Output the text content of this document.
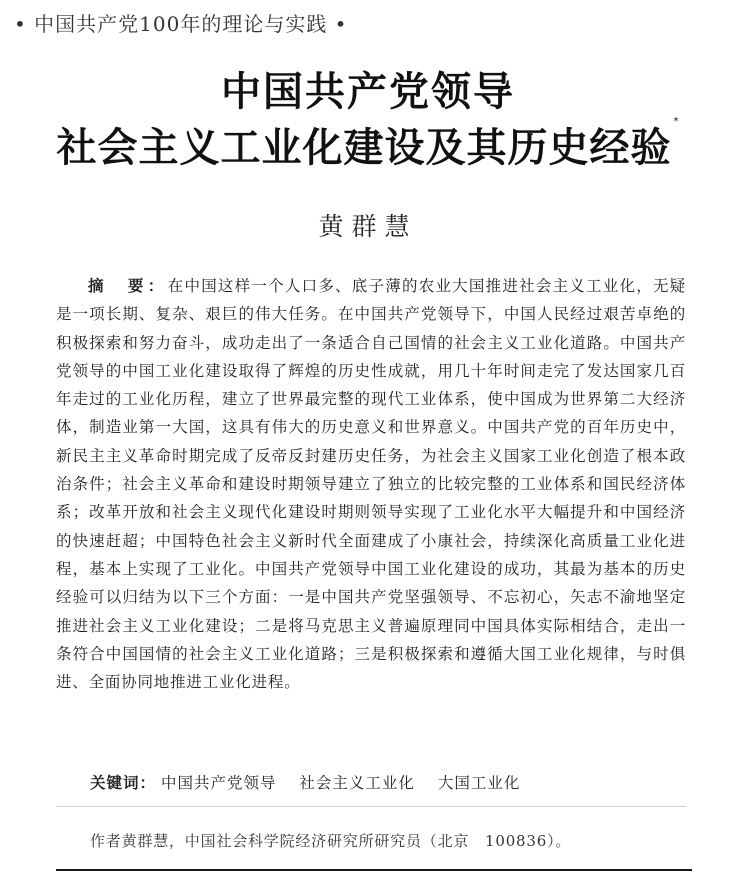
• 中国共产党100年的理论与实践 •
中国共产党领导
社会主义工业化建设及其历史经验*
黄群慧
摘　要：在中国这样一个人口多、底子薄的农业大国推进社会主义工业化，无疑是一项长期、复杂、艰巨的伟大任务。在中国共产党领导下，中国人民经过艰苦卓绝的积极探索和努力奋斗，成功走出了一条适合自己国情的社会主义工业化道路。中国共产党领导的中国工业化建设取得了辉煌的历史性成就，用几十年时间走完了发达国家几百年走过的工业化历程，建立了世界最完整的现代工业体系，使中国成为世界第二大经济体，制造业第一大国，这具有伟大的历史意义和世界意义。中国共产党的百年历史中，新民主主义革命时期完成了反帝反封建历史任务，为社会主义国家工业化创造了根本政治条件；社会主义革命和建设时期领导建立了独立的比较完整的工业体系和国民经济体系；改革开放和社会主义现代化建设时期则领导实现了工业化水平大幅提升和中国经济的快速赶超；中国特色社会主义新时代全面建成了小康社会，持续深化高质量工业化进程，基本上实现了工业化。中国共产党领导中国工业化建设的成功，其最为基本的历史经验可以归结为以下三个方面：一是中国共产党坚强领导、不忘初心，矢志不渝地坚定推进社会主义工业化建设；二是将马克思主义普遍原理同中国具体实际相结合，走出一条符合中国国情的社会主义工业化道路；三是积极探索和遵循大国工业化规律，与时俱进、全面协同地推进工业化进程。
关键词： 中国共产党领导 社会主义工业化 大国工业化
作者黄群慧，中国社会科学院经济研究所研究员（北京　100836）。
